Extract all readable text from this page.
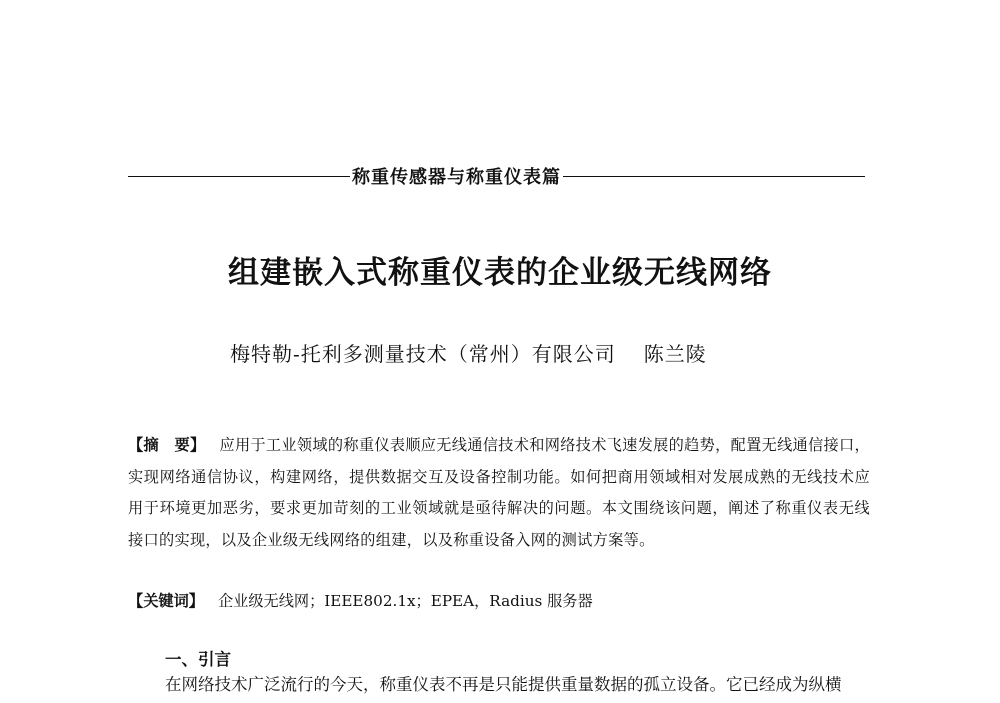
称重传感器与称重仪表篇
组建嵌入式称重仪表的企业级无线网络
梅特勒-托利多测量技术（常州）有限公司 陈兰陵
【摘　要】 应用于工业领域的称重仪表顺应无线通信技术和网络技术飞速发展的趋势，配置无线通信接口，实现网络通信协议，构建网络，提供数据交互及设备控制功能。如何把商用领域相对发展成熟的无线技术应用于环境更加恶劣，要求更加苛刻的工业领域就是亟待解决的问题。本文围绕该问题，阐述了称重仪表无线接口的实现，以及企业级无线网络的组建，以及称重设备入网的测试方案等。
【关键词】 企业级无线网；IEEE802.1x；EPEA，Radius 服务器
一、引言
在网络技术广泛流行的今天，称重仪表不再是只能提供重量数据的孤立设备。它已经成为纵横
